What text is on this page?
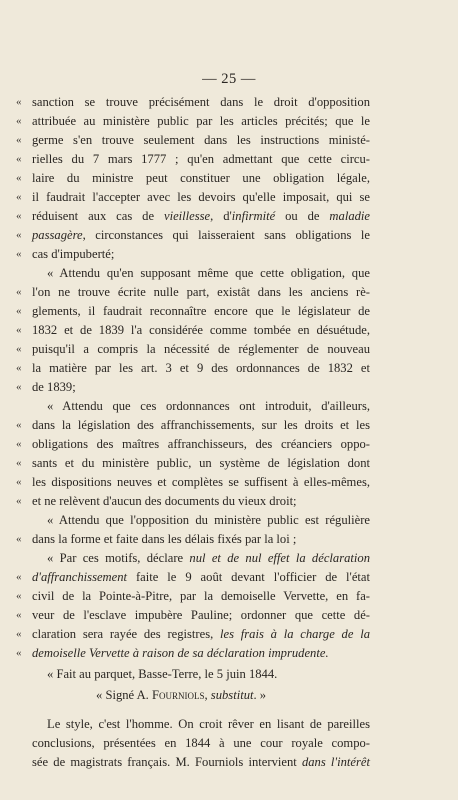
— 25 —
« sanction se trouve précisément dans le droit d'opposition
« attribuée au ministère public par les articles précités; que le
« germe s'en trouve seulement dans les instructions ministé-
« rielles du 7 mars 1777 ; qu'en admettant que cette circu-
« laire du ministre peut constituer une obligation légale,
« il faudrait l'accepter avec les devoirs qu'elle imposait, qui se
« réduisent aux cas de vieillesse, d'infirmité ou de maladie
« passagère, circonstances qui laisseraient sans obligations le
« cas d'impuberté;
« Attendu qu'en supposant même que cette obligation, que
« l'on ne trouve écrite nulle part, existât dans les anciens rè-
« glements, il faudrait reconnaître encore que le législateur de
« 1832 et de 1839 l'a considérée comme tombée en désuétude,
« puisqu'il a compris la nécessité de réglementer de nouveau
« la matière par les art. 3 et 9 des ordonnances de 1832 et
« de 1839;
« Attendu que ces ordonnances ont introduit, d'ailleurs,
« dans la législation des affranchissements, sur les droits et les
« obligations des maîtres affranchisseurs, des créanciers oppo-
« sants et du ministère public, un système de législation dont
« les dispositions neuves et complètes se suffisent à elles-mêmes,
« et ne relèvent d'aucun des documents du vieux droit;
« Attendu que l'opposition du ministère public est régulière
« dans la forme et faite dans les délais fixés par la loi ;
« Par ces motifs, déclare nul et de nul effet la déclaration
« d'affranchissement faite le 9 août devant l'officier de l'état
« civil de la Pointe-à-Pitre, par la demoiselle Vervette, en fa-
« veur de l'esclave impubère Pauline; ordonner que cette dé-
« claration sera rayée des registres, les frais à la charge de la
« demoiselle Vervette à raison de sa déclaration imprudente.
« Fait au parquet, Basse-Terre, le 5 juin 1844.
« Signé A. Fourniols, substitut. »
Le style, c'est l'homme. On croit rêver en lisant de pareilles
conclusions, présentées en 1844 à une cour royale compo-
sée de magistrats français. M. Fourniols intervient dans l'intérêt
